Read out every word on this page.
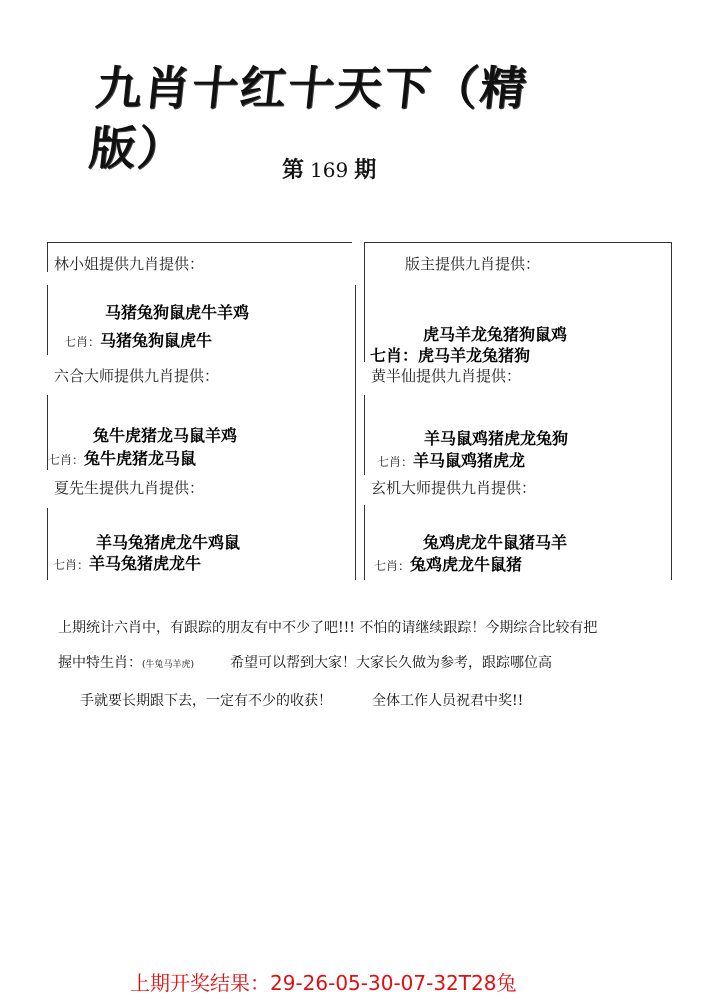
九肖十红十天下（精版）	第 169 期
林小姐提供九肖提供：
马猪兔狗鼠虎牛羊鸡
七肖：马猪兔狗鼠虎牛
版主提供九肖提供：
虎马羊龙兔猪狗鼠鸡
七肖：虎马羊龙兔猪狗
六合大师提供九肖提供：
兔牛虎猪龙马鼠羊鸡
七肖：兔牛虎猪龙马鼠
黄半仙提供九肖提供：
羊马鼠鸡猪虎龙兔狗
七肖：羊马鼠鸡猪虎龙
夏先生提供九肖提供：
羊马兔猪虎龙牛鸡鼠
七肖：羊马兔猪虎龙牛
玄机大师提供九肖提供：
兔鸡虎龙牛鼠猪马羊
七肖：兔鸡虎龙牛鼠猪
上期统计六肖中，有跟踪的朋友有中不少了吧!!! 不怕的请继续跟踪！今期综合比较有把
握中特生肖：(牛兔马羊虎)	希望可以帮到大家！大家长久做为参考，跟踪哪位高
手就要长期跟下去，一定有不少的收获！	全体工作人员祝君中奖!!
上期开奖结果：29-26-05-30-07-32T28兔
